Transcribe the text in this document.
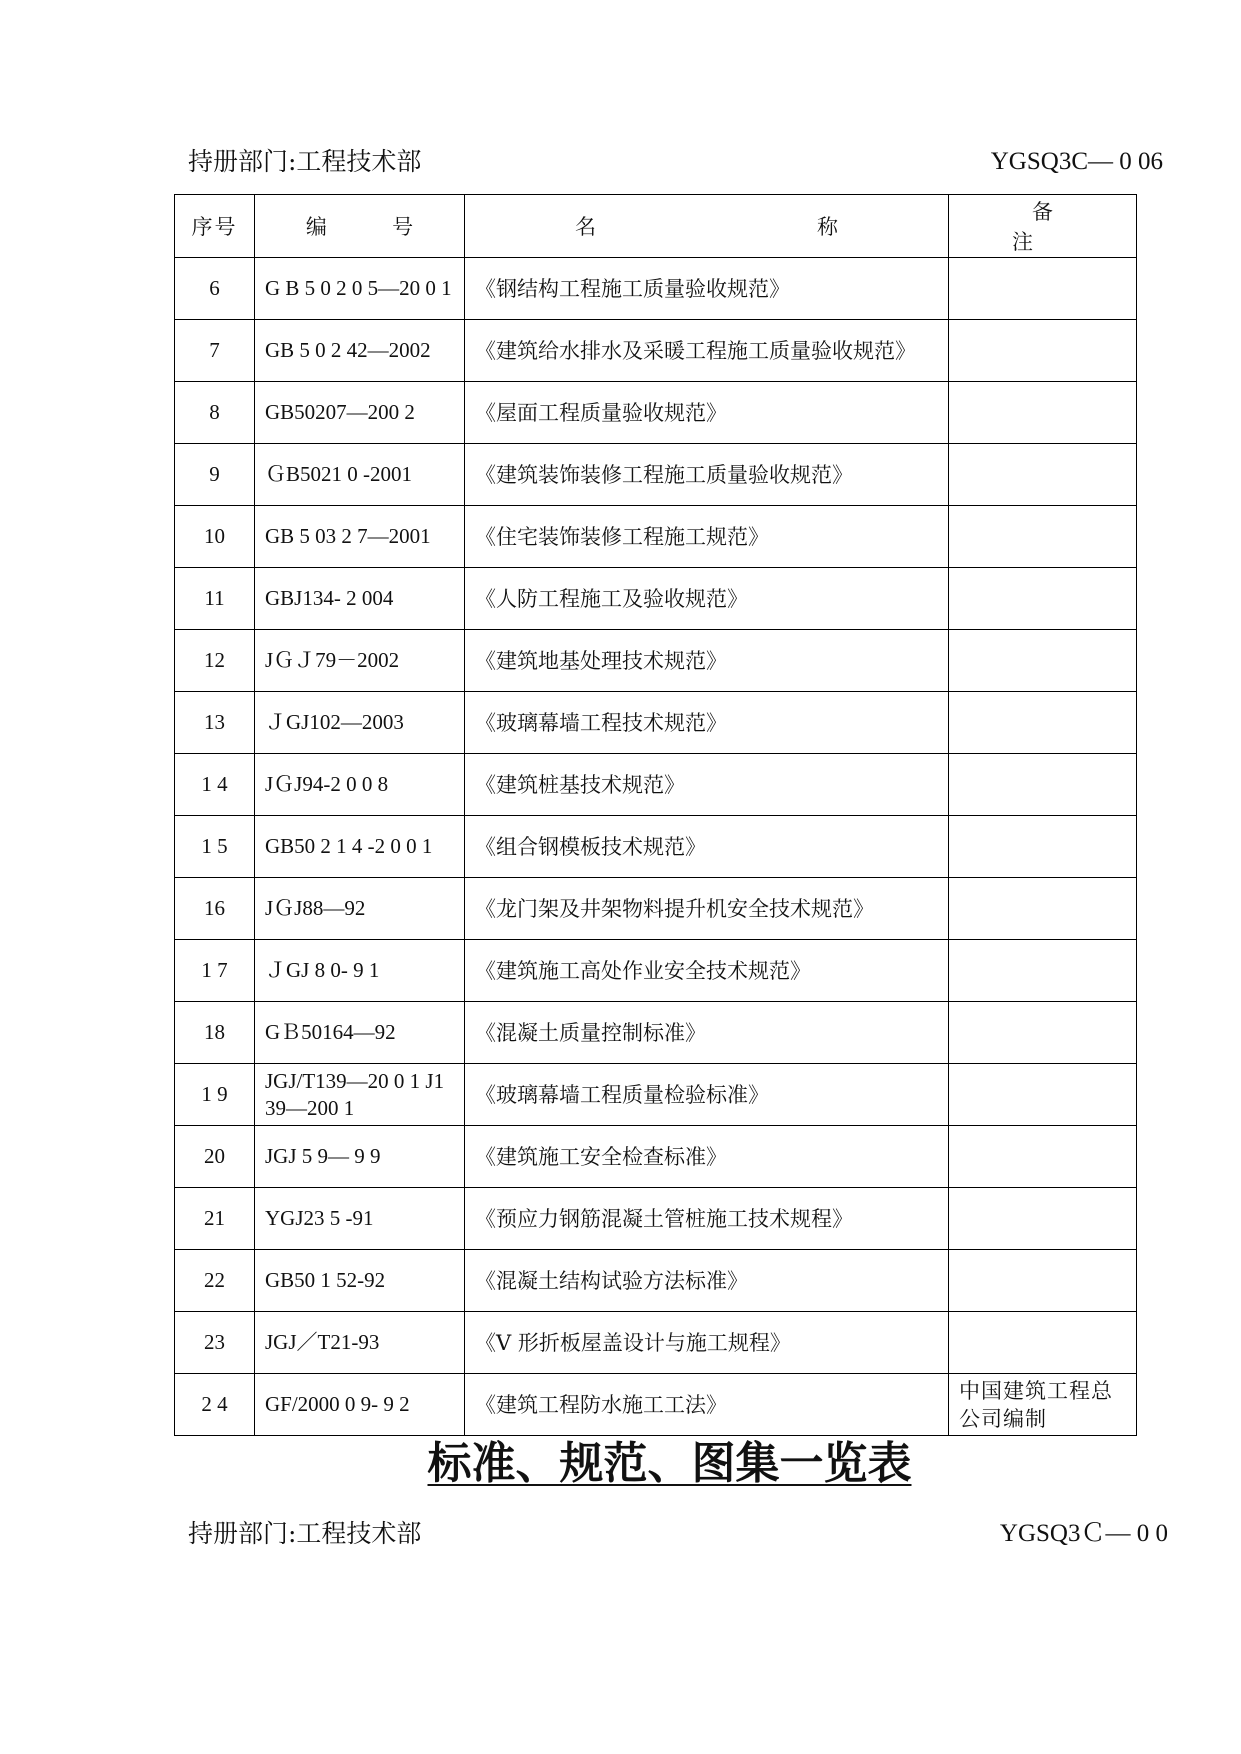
持册部门:工程技术部	YGSQ3C— 0 06
序号	编 号	名 称	备 注
6	G B 5 0 2 0 5—20 0 1	《钢结构工程施工质量验收规范》	
7	GB 5 0 2 42—2002	《建筑给水排水及采暖工程施工质量验收规范》	
8	GB50207—200 2	《屋面工程质量验收规范》	
9	ＧB5021 0 -2001	《建筑装饰装修工程施工质量验收规范》	
10	GB 5 03 2 7—2001	《住宅装饰装修工程施工规范》	
11	GBJ134- 2 004	《人防工程施工及验收规范》	
12	JＧＪ79－2002	《建筑地基处理技术规范》	
13	ＪGJ102—2003	《玻璃幕墙工程技术规范》	
1 4	JＧJ94-2 0 0 8	《建筑桩基技术规范》	
1 5	GB50 2 1 4 -2 0 0 1	《组合钢模板技术规范》	
16	JＧJ88—92	《龙门架及井架物料提升机安全技术规范》	
1 7	ＪGJ 8 0- 9 1	《建筑施工高处作业安全技术规范》	
18	GＢ50164—92	《混凝土质量控制标准》	
1 9	JGJ/T139—20 0 1 J139—200 1	《玻璃幕墙工程质量检验标准》	
20	JGJ 5 9— 9 9	《建筑施工安全检查标准》	
21	YGJ23 5 -91	《预应力钢筋混凝土管桩施工技术规程》	
22	GB50 1 52-92	《混凝土结构试验方法标准》	
23	JGJ／T21-93	《V 形折板屋盖设计与施工规程》	
2 4	GF/2000 0 9- 9 2	《建筑工程防水施工工法》	中国建筑工程总公司编制
标准、规范、图集一览表
持册部门:工程技术部	YGSQ3Ｃ— 0 0
